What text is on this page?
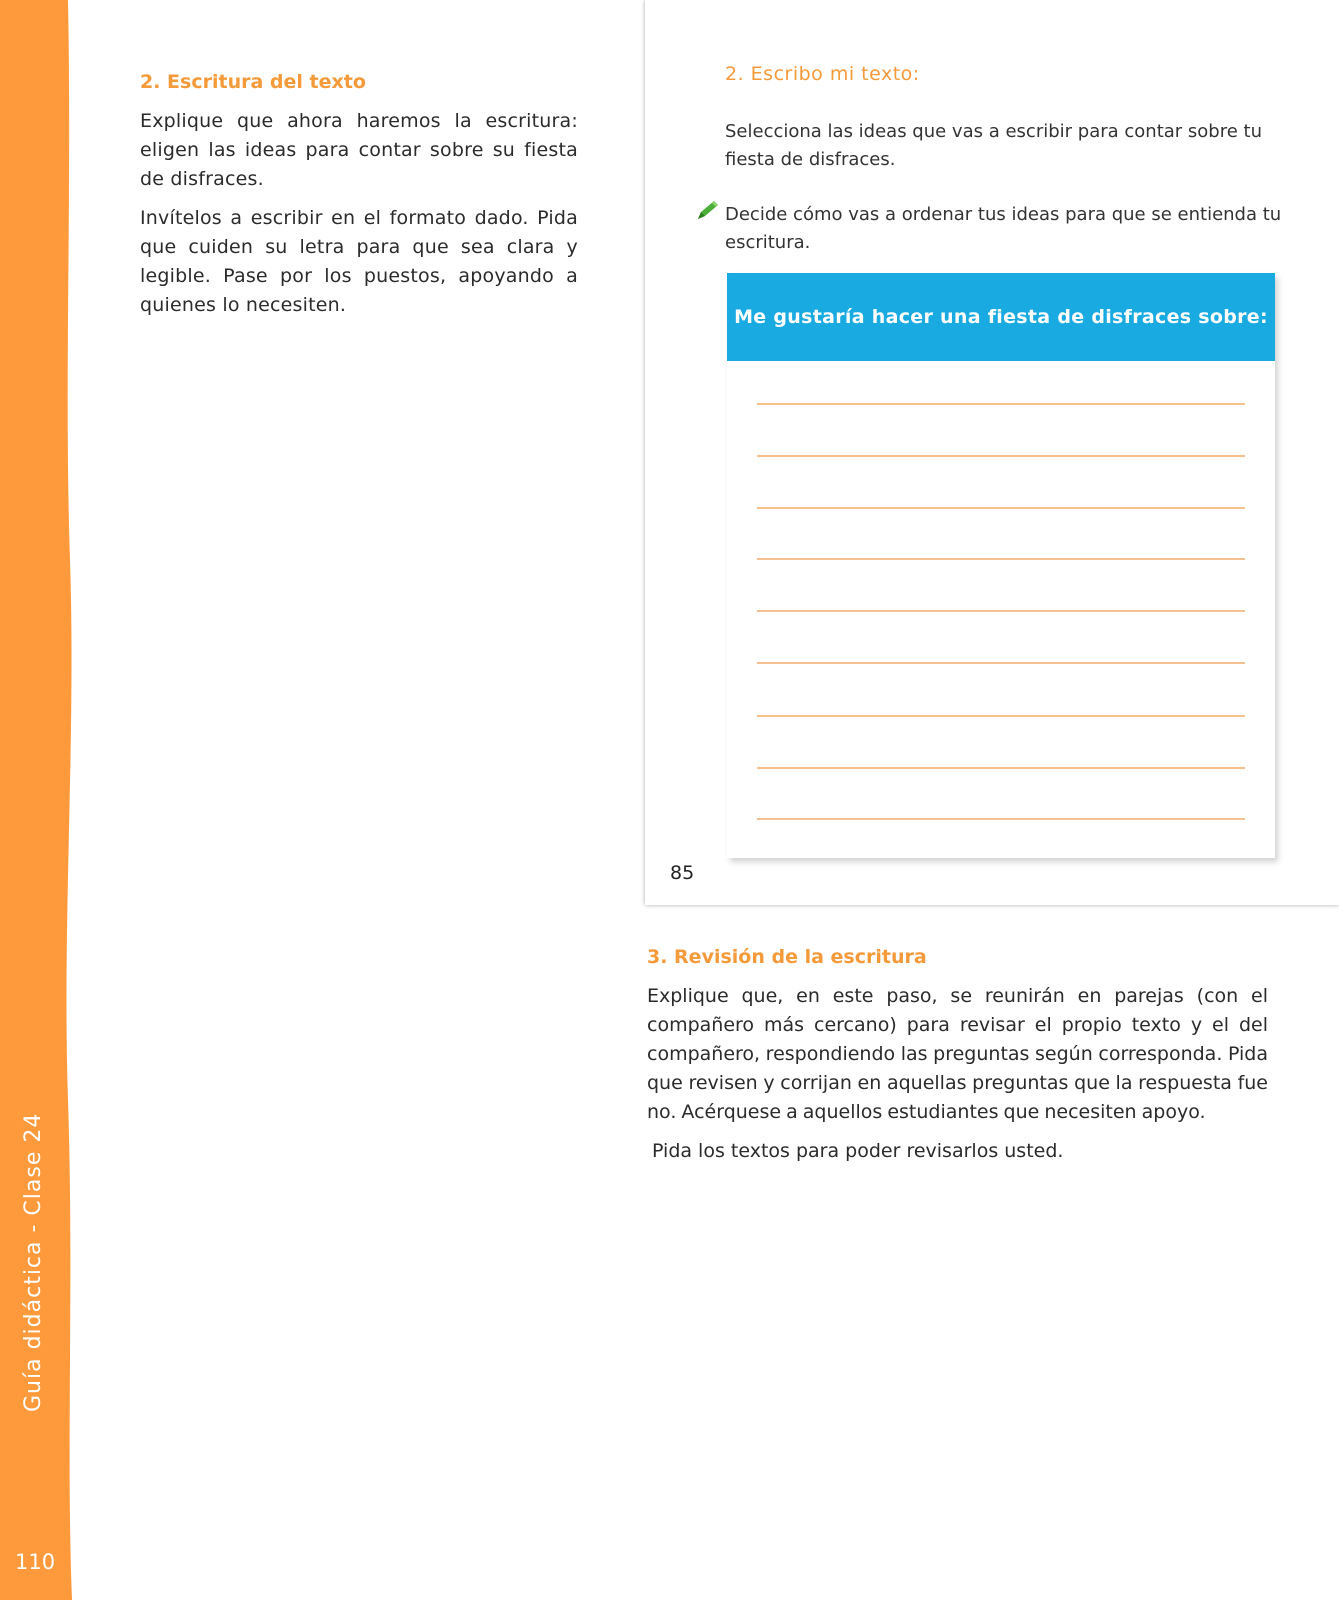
Guía didáctica - Clase 24
110
2. Escritura del texto

Explique que ahora haremos la escritura: eligen las ideas para contar sobre su fiesta de disfraces.

Invítelos a escribir en el formato dado. Pida que cuiden su letra para que sea clara y legible. Pase por los puestos, apoyando a quienes lo necesiten.

2. Escribo mi texto:
Selecciona las ideas que vas a escribir para contar sobre tu fiesta de disfraces.
Decide cómo vas a ordenar tus ideas para que se entienda tu escritura.
Me gustaría hacer una fiesta de disfraces sobre:
85
3. Revisión de la escritura

Explique que, en este paso, se reunirán en parejas (con el compañero más cercano) para revisar el propio texto y el del compañero, respondiendo las preguntas según corresponda. Pida que revisen y corrijan en aquellas preguntas que la respuesta fue no. Acérquese a aquellos estudiantes que necesiten apoyo.

Pida los textos para poder revisarlos usted.
